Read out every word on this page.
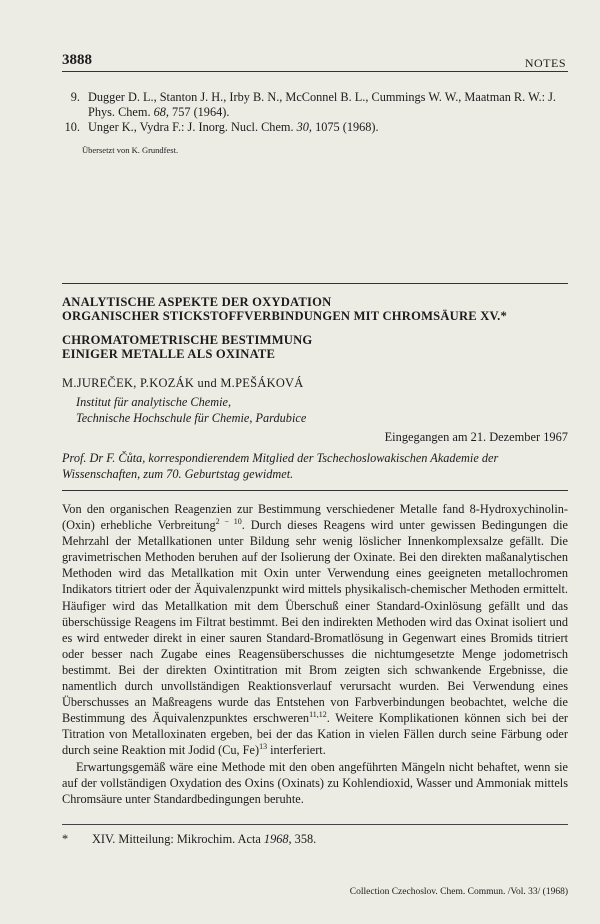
3888	NOTES
9. Dugger D. L., Stanton J. H., Irby B. N., McConnel B. L., Cummings W. W., Maatman R. W.: J. Phys. Chem. 68, 757 (1964).
10. Unger K., Vydra F.: J. Inorg. Nucl. Chem. 30, 1075 (1968).
Übersetzt von K. Grundfest.
ANALYTISCHE ASPEKTE DER OXYDATION
ORGANISCHER STICKSTOFFVERBINDUNGEN MIT CHROMSÄURE XV.*
CHROMATOMETRISCHE BESTIMMUNG
EINIGER METALLE ALS OXINATE
M.JUREČEK, P.KOZÁK und M.PEŠÁKOVÁ
Institut für analytische Chemie,
Technische Hochschule für Chemie, Pardubice
Eingegangen am 21. Dezember 1967
Prof. Dr F. Čůta, korrespondierendem Mitglied der Tschechoslowakischen Akademie der Wissenschaften, zum 70. Geburtstag gewidmet.

Von den organischen Reagenzien zur Bestimmung verschiedener Metalle fand 8-Hydroxychinolin- (Oxin) erhebliche Verbreitung$^{2 - 10}$. Durch dieses Reagens wird unter gewissen Bedingungen die Mehrzahl der Metallkationen unter Bildung sehr wenig löslicher Innenkomplexsalze gefällt. Die gravimetrischen Methoden beruhen auf der Isolierung der Oxinate. Bei den direkten maßanalytischen Methoden wird das Metallkation mit Oxin unter Verwendung eines geeigneten metallochromen Indikators titriert oder der Äquivalenzpunkt wird mittels physikalisch-chemischer Methoden ermittelt. Häufiger wird das Metallkation mit dem Überschuß einer Standard-Oxinlösung gefällt und das überschüssige Reagens im Filtrat bestimmt. Bei den indirekten Methoden wird das Oxinat isoliert und es wird entweder direkt in einer sauren Standard-Bromatlösung in Gegenwart eines Bromids titriert oder besser nach Zugabe eines Reagensüberschusses die nichtumgesetzte Menge jodometrisch bestimmt. Bei der direkten Oxintitration mit Brom zeigten sich schwankende Ergebnisse, die namentlich durch unvollständigen Reaktionsverlauf verursacht wurden. Bei Verwendung eines Überschusses an Maßreagens wurde das Entstehen von Farbverbindungen beobachtet, welche die Bestimmung des Äquivalenzpunktes erschweren$^{11,12}$. Weitere Komplikationen können sich bei der Titration von Metalloxinaten ergeben, bei der das Kation in vielen Fällen durch seine Färbung oder durch seine Reaktion mit Jodid (Cu, Fe)$^{13}$ interferiert.

Erwartungsgemäß wäre eine Methode mit den oben angeführten Mängeln nicht behaftet, wenn sie auf der vollständigen Oxydation des Oxins (Oxinats) zu Kohlendioxid, Wasser und Ammoniak mittels Chromsäure unter Standardbedingungen beruhte.

* XIV. Mitteilung: Mikrochim. Acta 1968, 358.
Collection Czechoslov. Chem. Commun. /Vol. 33/ (1968)
